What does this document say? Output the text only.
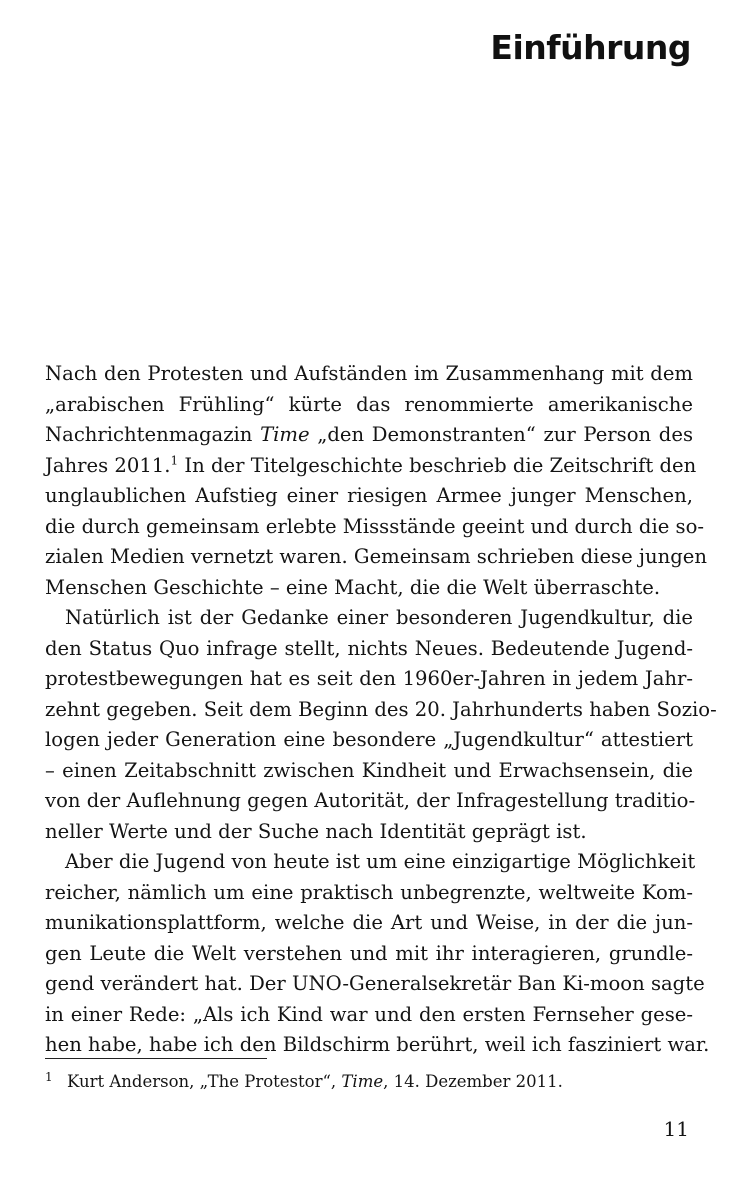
Einführung

Nach den Protesten und Aufständen im Zusammenhang mit dem
„arabischen Frühling“ kürte das renommierte amerikanische
Nachrichtenmagazin Time „den Demonstranten“ zur Person des
Jahres 2011.$^1$ In der Titelgeschichte beschrieb die Zeitschrift den
unglaublichen Aufstieg einer riesigen Armee junger Menschen,
die durch gemeinsam erlebte Missstände geeint und durch die so-
zialen Medien vernetzt waren. Gemeinsam schrieben diese jungen
Menschen Geschichte – eine Macht, die die Welt überraschte.

Natürlich ist der Gedanke einer besonderen Jugendkultur, die
den Status Quo infrage stellt, nichts Neues. Bedeutende Jugend-
protestbewegungen hat es seit den 1960er-Jahren in jedem Jahr-
zehnt gegeben. Seit dem Beginn des 20. Jahrhunderts haben Sozio-
logen jeder Generation eine besondere „Jugendkultur“ attestiert
– einen Zeitabschnitt zwischen Kindheit und Erwachsensein, die
von der Auflehnung gegen Autorität, der Infragestellung traditio-
neller Werte und der Suche nach Identität geprägt ist.

Aber die Jugend von heute ist um eine einzigartige Möglichkeit
reicher, nämlich um eine praktisch unbegrenzte, weltweite Kom-
munikationsplattform, welche die Art und Weise, in der die jun-
gen Leute die Welt verstehen und mit ihr interagieren, grundle-
gend verändert hat. Der UNO-Generalsekretär Ban Ki-moon sagte
in einer Rede: „Als ich Kind war und den ersten Fernseher gese-
hen habe, habe ich den Bildschirm berührt, weil ich fasziniert war.

1 Kurt Anderson, „The Protestor“, Time, 14. Dezember 2011.
11
